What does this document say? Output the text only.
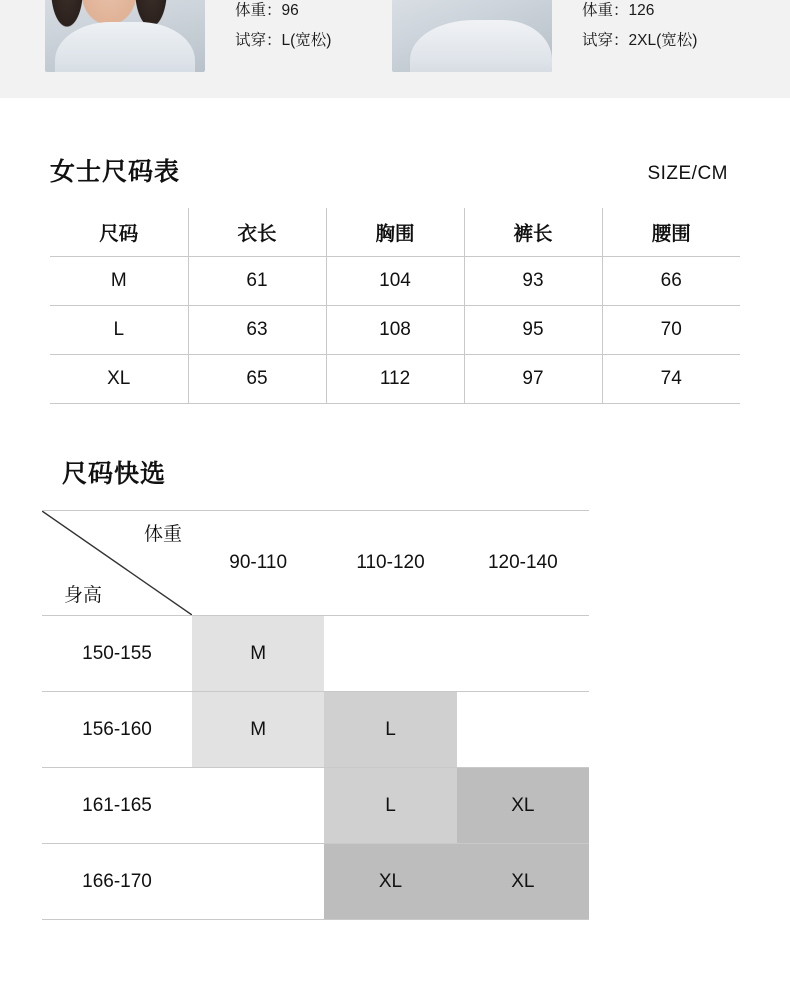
体重：96
试穿：L(宽松)
体重：126
试穿：2XL(宽松)
女士尺码表	SIZE/CM
尺码	衣长	胸围	裤长	腰围
M	61	104	93	66
L	63	108	95	70
XL	65	112	97	74
尺码快选
体重
身高	90-110	110-120	120-140
150-155	M		
156-160	M	L	
161-165		L	XL
166-170		XL	XL
